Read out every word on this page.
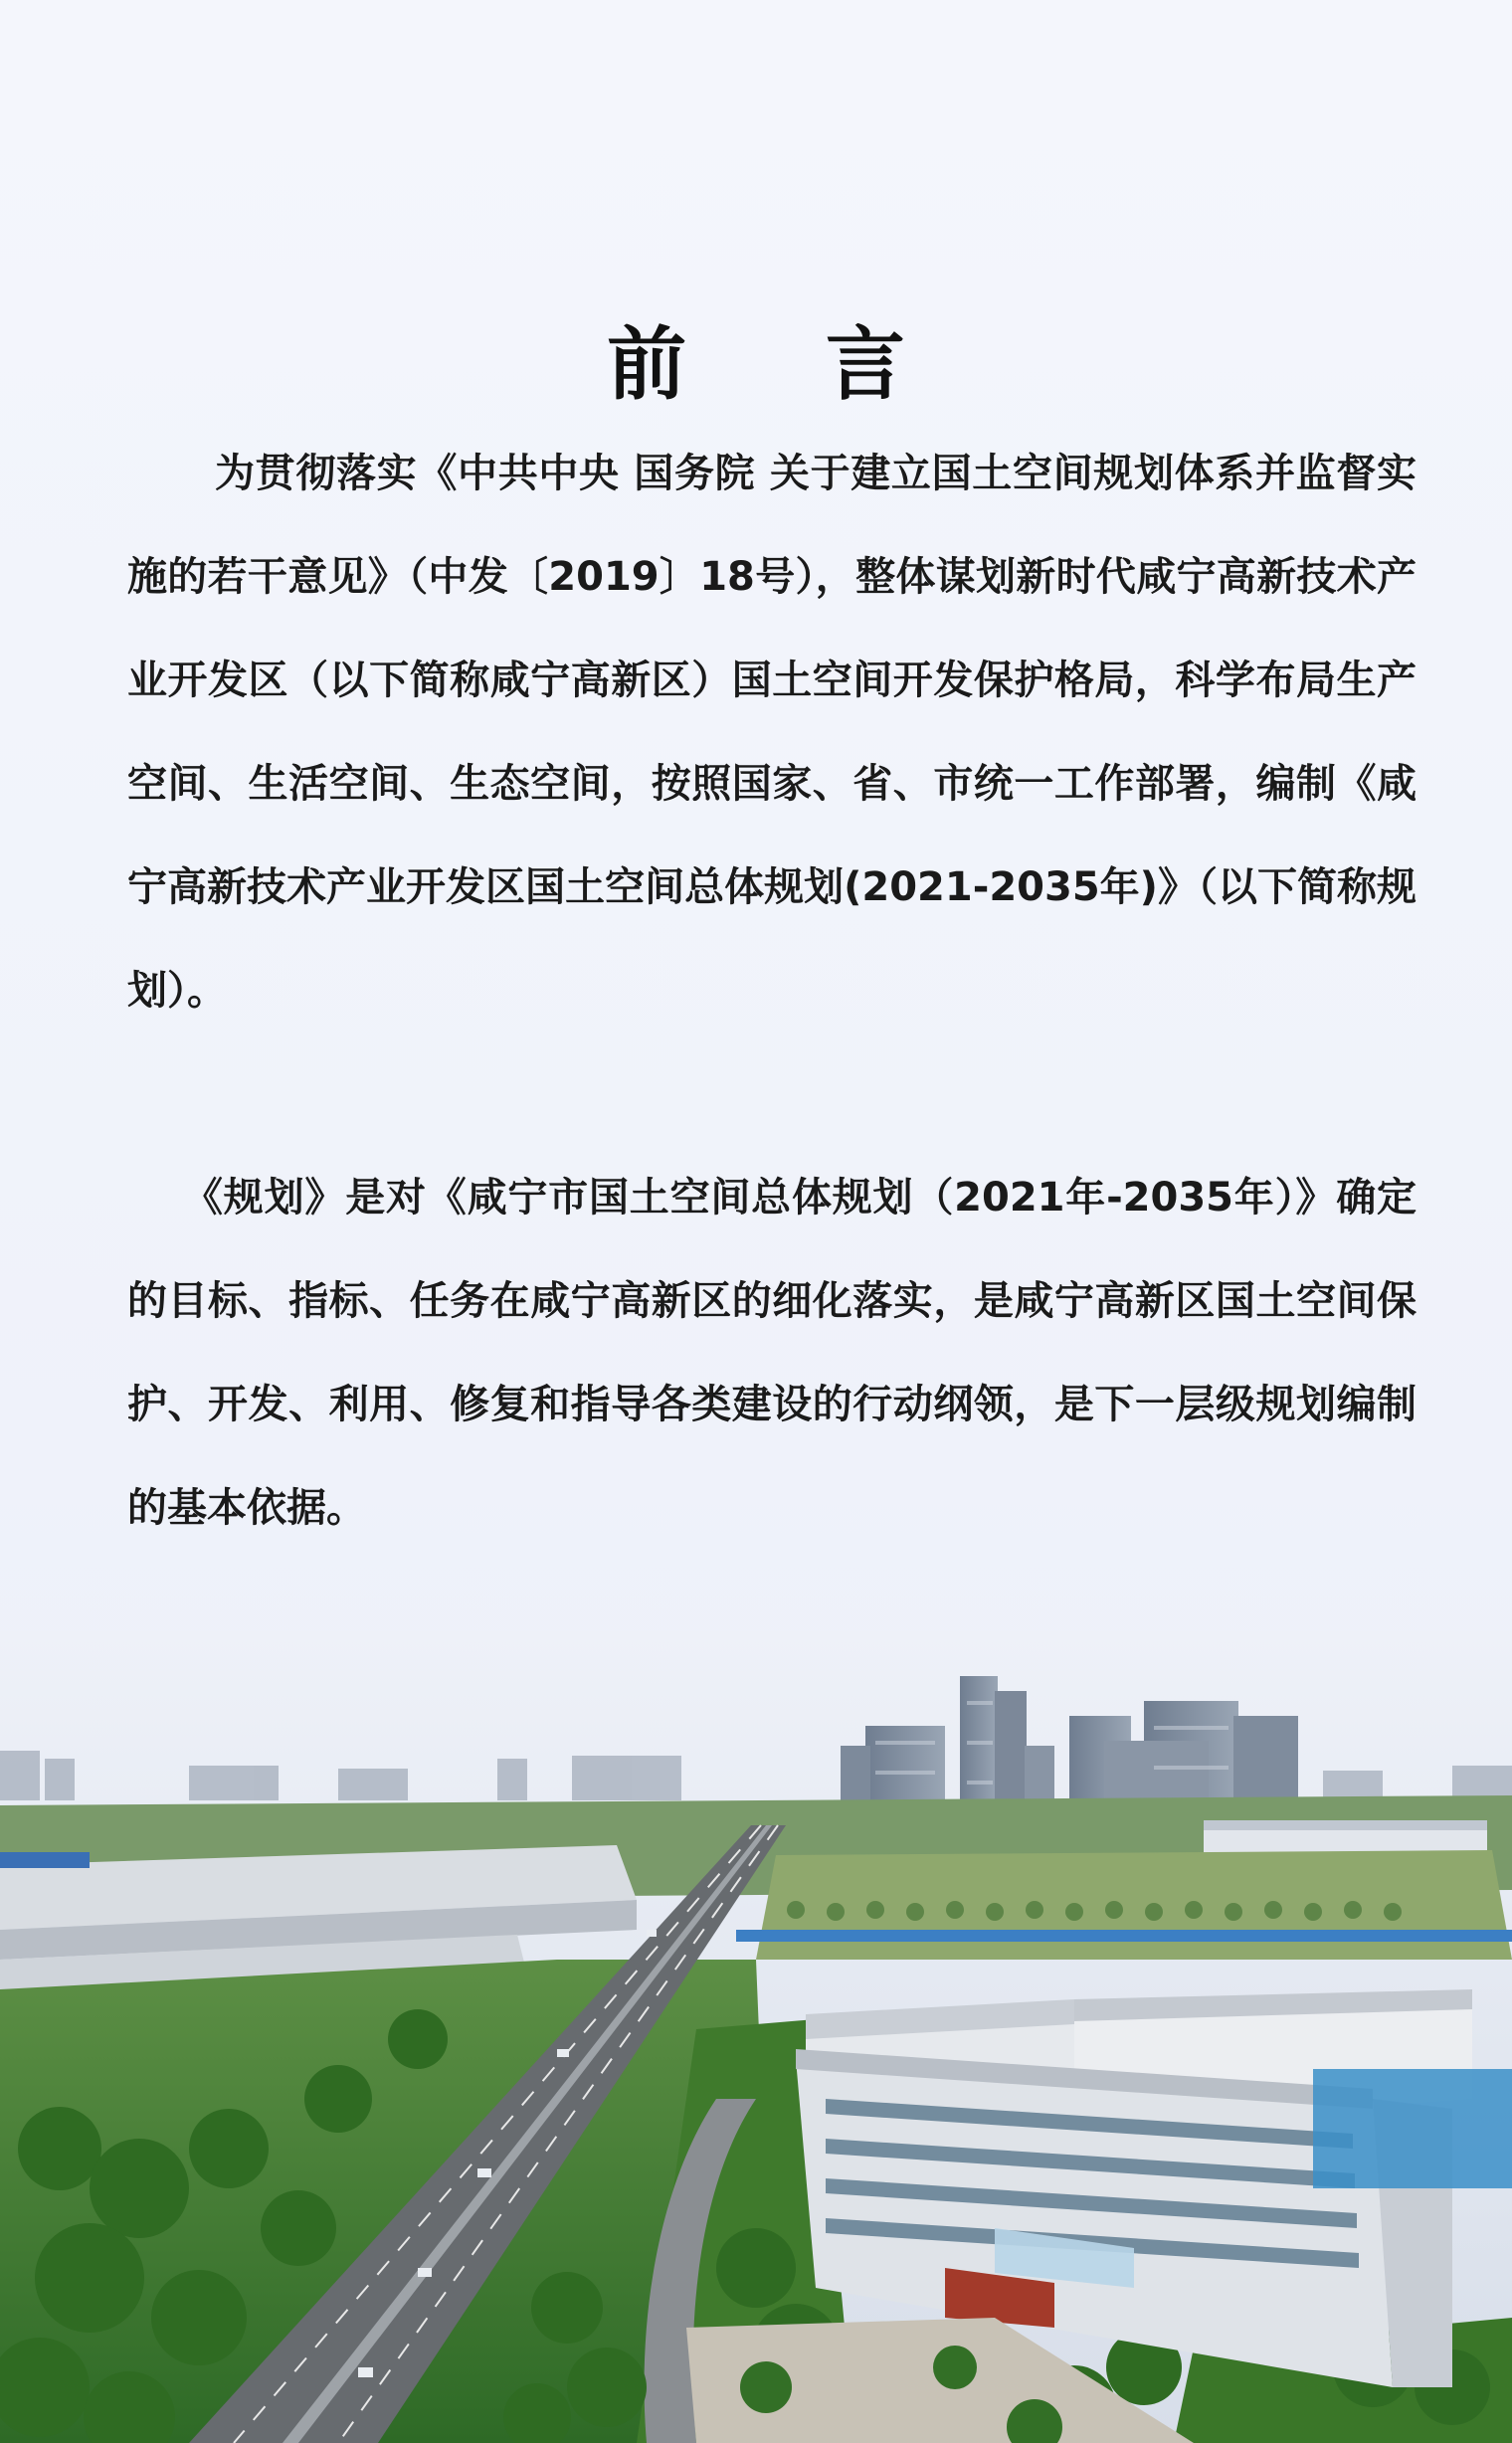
前 言

为贯彻落实《中共中央 国务院 关于建立国土空间规划体系并监督实施的若干意见》（中发〔2019〕18号），整体谋划新时代咸宁高新技术产业开发区（以下简称咸宁高新区）国土空间开发保护格局，科学布局生产空间、生活空间、生态空间，按照国家、省、市统一工作部署，编制《咸宁高新技术产业开发区国土空间总体规划(2021-2035年)》（以下简称规划）。

《规划》是对《咸宁市国土空间总体规划（2021年-2035年）》确定的目标、指标、任务在咸宁高新区的细化落实，是咸宁高新区国土空间保护、开发、利用、修复和指导各类建设的行动纲领，是下一层级规划编制的基本依据。
